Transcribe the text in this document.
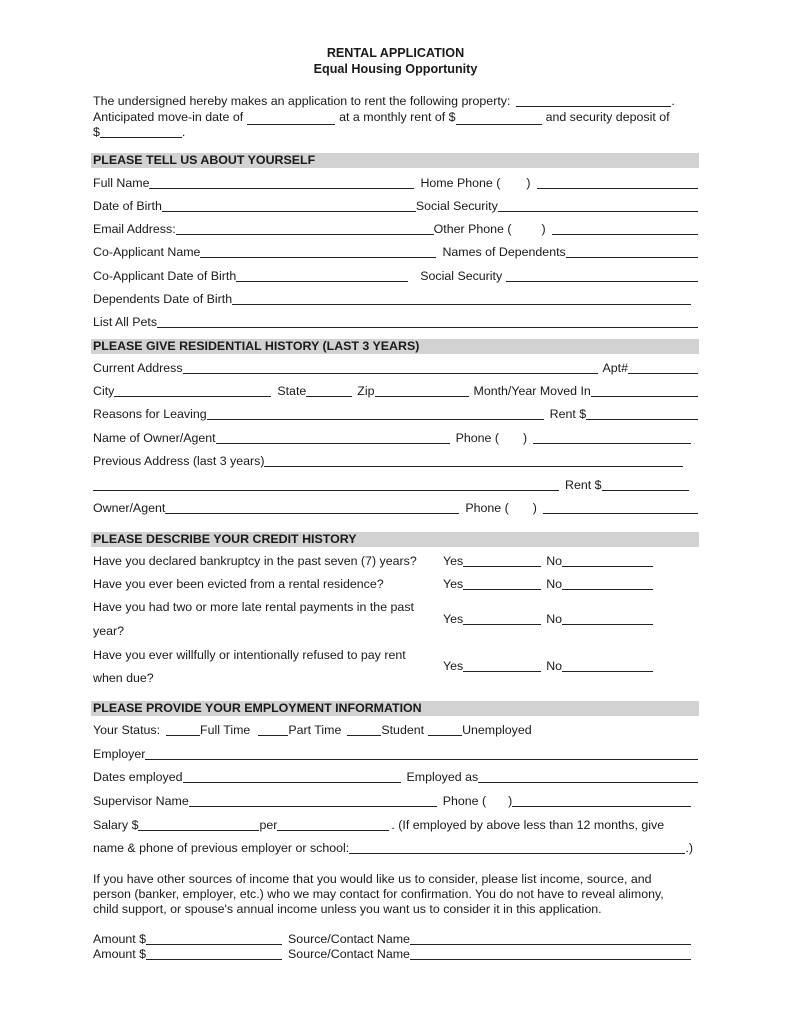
RENTAL APPLICATION
Equal Housing Opportunity
The undersigned hereby makes an application to rent the following property:	.
Anticipated move-in date of	at a monthly rent of $	and security deposit of
$	.
PLEASE TELL US ABOUT YOURSELF
Full Name	Home Phone ( )
Date of Birth	Social Security
Email Address:	Other Phone ( )
Co-Applicant Name	Names of Dependents
Co-Applicant Date of Birth	Social Security
Dependents Date of Birth
List All Pets
PLEASE GIVE RESIDENTIAL HISTORY (LAST 3 YEARS)
Current Address	Apt#
City	State	Zip	Month/Year Moved In
Reasons for Leaving	Rent $
Name of Owner/Agent	Phone ( )
Previous Address (last 3 years)
Rent $
Owner/Agent	Phone ( )
PLEASE DESCRIBE YOUR CREDIT HISTORY
Have you declared bankruptcy in the past seven (7) years? Yes	No
Have you ever been evicted from a rental residence?	Yes	No
Have you had two or more late rental payments in the past
year?
Yes	No
Have you ever willfully or intentionally refused to pay rent
when due?
Yes	No
PLEASE PROVIDE YOUR EMPLOYMENT INFORMATION
Your Status:	Full Time	Part Time	Student	Unemployed
Employer
Dates employed	Employed as
Supervisor Name	Phone ( )
Salary $	per	. (If employed by above less than 12 months, give
name & phone of previous employer or school:	.)
If you have other sources of income that you would like us to consider, please list income, source, and
person (banker, employer, etc.) who we may contact for confirmation. You do not have to reveal alimony,
child support, or spouse's annual income unless you want us to consider it in this application.
Amount $	Source/Contact Name
Amount $	Source/Contact Name
